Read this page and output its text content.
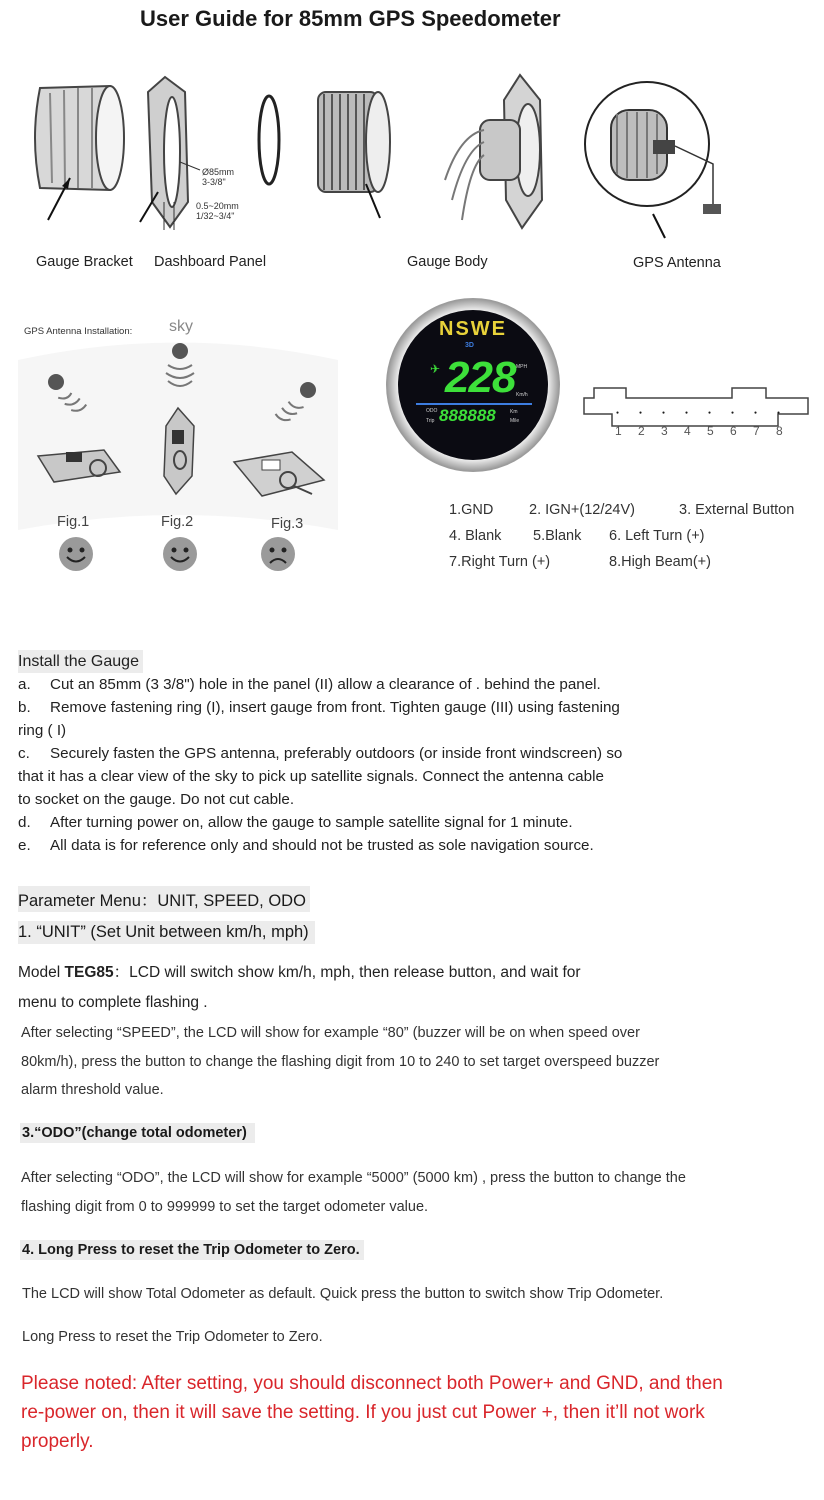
User Guide for 85mm GPS Speedometer
Ø85mm
3-3/8"
0.5~20mm
1/32~3/4"
Gauge Bracket Dashboard Panel	Gauge Body	GPS Antenna
GPS Antenna Installation: sky
Fig.1	Fig.2	Fig.3
NSWE
3D
✈ 228 MPH
Km/h
ODO
Trip 888888	Km
Mile
●	●	●	●	●	●	●	●
1 2 3 4 5 6 7 8
1.GND 2. IGN+(12/24V)	3. External Button
4. Blank 5.Blank 6. Left Turn (+)
7.Right Turn (+)	8.High Beam(+)

Install the Gauge

a. Cut an 85mm (3 3/8") hole in the panel (II) allow a clearance of . behind the panel.

b. Remove fastening ring (I), insert gauge from front. Tighten gauge (III) using fastening

ring ( I)

c. Securely fasten the GPS antenna, preferably outdoors (or inside front windscreen) so

that it has a clear view of the sky to pick up satellite signals. Connect the antenna cable

to socket on the gauge. Do not cut cable.

d. After turning power on, allow the gauge to sample satellite signal for 1 minute.

e. All data is for reference only and should not be trusted as sole navigation source.

Parameter Menu：UNIT, SPEED, ODO
1. “UNIT” (Set Unit between km/h, mph)
Model TEG85：LCD will switch show km/h, mph, then release button, and wait for
menu to complete flashing .
After selecting “SPEED”, the LCD will show for example “80” (buzzer will be on when speed over
80km/h), press the button to change the flashing digit from 10 to 240 to set target overspeed buzzer
alarm threshold value.
3.“ODO”(change total odometer)
After selecting “ODO”, the LCD will show for example “5000” (5000 km) , press the button to change the
flashing digit from 0 to 999999 to set the target odometer value.
4. Long Press to reset the Trip Odometer to Zero.
The LCD will show Total Odometer as default. Quick press the button to switch show Trip Odometer.
Long Press to reset the Trip Odometer to Zero.
Please noted: After setting, you should disconnect both Power+ and GND, and then
re-power on, then it will save the setting. If you just cut Power +, then it’ll not work
properly.
